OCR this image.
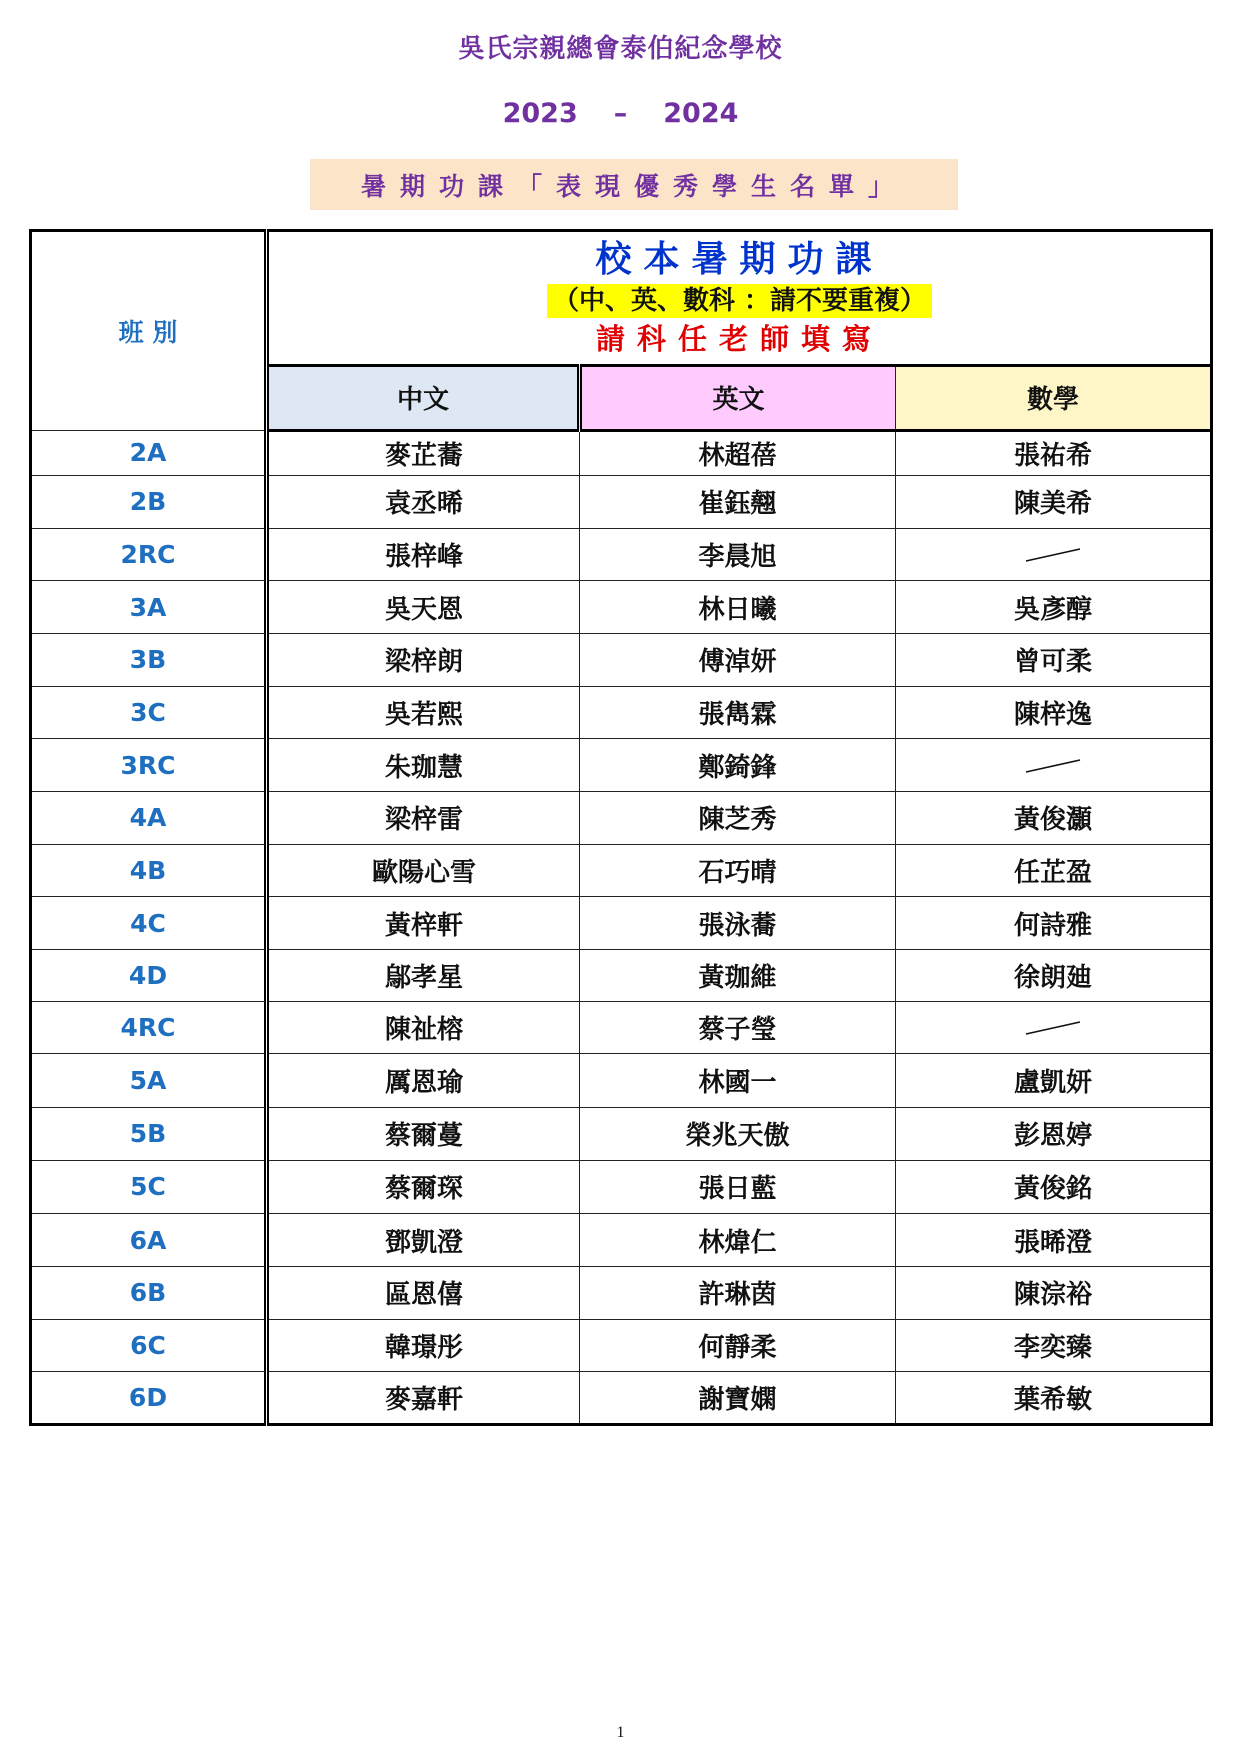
吳氏宗親總會泰伯紀念學校
2023 – 2024
暑期功課「表現優秀學生名單」
班 別	校本暑期功課
（中、英、數科 ：請不要重複）
請科任老師填寫		

	中文	英文	數學
2A	麥芷蕎	林超蓓	張祐希
2B	袁丞晞	崔鈺翹	陳美希
2RC	張梓峰	李晨旭	
3A	吳天恩	林日曦	吳彥醇
3B	梁梓朗	傅淖妍	曾可柔
3C	吳若熙	張雋霖	陳梓逸
3RC	朱珈慧	鄭錡鋒	
4A	梁梓雷	陳芝秀	黃俊灝
4B	歐陽心雪	石巧晴	任芷盈
4C	黃梓軒	張泳蕎	何詩雅
4D	鄔孝星	黃珈維	徐朗廸
4RC	陳祉榕	蔡子瑩	
5A	厲恩瑜	林國一	盧凱妍
5B	蔡爾蔓	榮兆天傲	彭恩婷
5C	蔡爾琛	張日藍	黃俊銘
6A	鄧凱澄	林煒仁	張晞澄
6B	區恩僖	許琳茵	陳淙裕
6C	韓璟彤	何靜柔	李奕臻
6D	麥嘉軒	謝寶嫻	葉希敏
1
